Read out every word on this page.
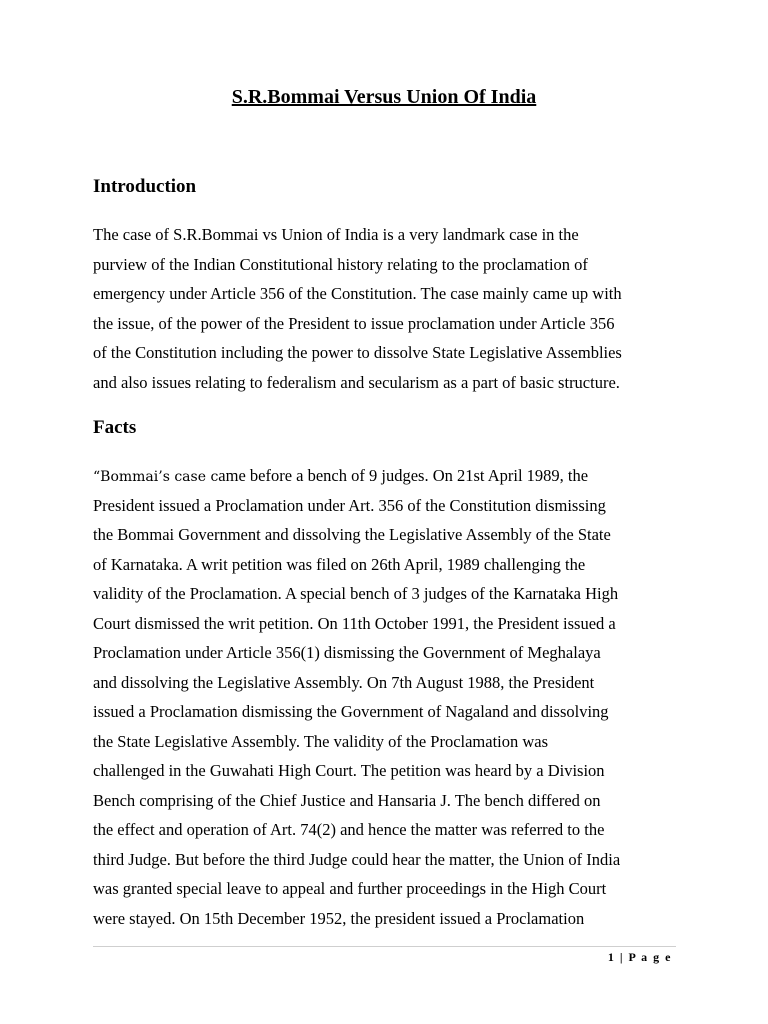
S.R.Bommai Versus Union Of India
Introduction
The case of S.R.Bommai vs Union of India is a very landmark case in the
purview of the Indian Constitutional history relating to the proclamation of
emergency under Article 356 of the Constitution. The case mainly came up with
the issue, of the power of the President to issue proclamation under Article 356
of the Constitution including the power to dissolve State Legislative Assemblies
and also issues relating to federalism and secularism as a part of basic structure.
Facts
“Bommai’s case came before a bench of 9 judges. On 21st April 1989, the
President issued a Proclamation under Art. 356 of the Constitution dismissing
the Bommai Government and dissolving the Legislative Assembly of the State
of Karnataka. A writ petition was filed on 26th April, 1989 challenging the
validity of the Proclamation. A special bench of 3 judges of the Karnataka High
Court dismissed the writ petition. On 11th October 1991, the President issued a
Proclamation under Article 356(1) dismissing the Government of Meghalaya
and dissolving the Legislative Assembly. On 7th August 1988, the President
issued a Proclamation dismissing the Government of Nagaland and dissolving
the State Legislative Assembly. The validity of the Proclamation was
challenged in the Guwahati High Court. The petition was heard by a Division
Bench comprising of the Chief Justice and Hansaria J. The bench differed on
the effect and operation of Art. 74(2) and hence the matter was referred to the
third Judge. But before the third Judge could hear the matter, the Union of India
was granted special leave to appeal and further proceedings in the High Court
were stayed. On 15th December 1952, the president issued a Proclamation
1 | P a g e
